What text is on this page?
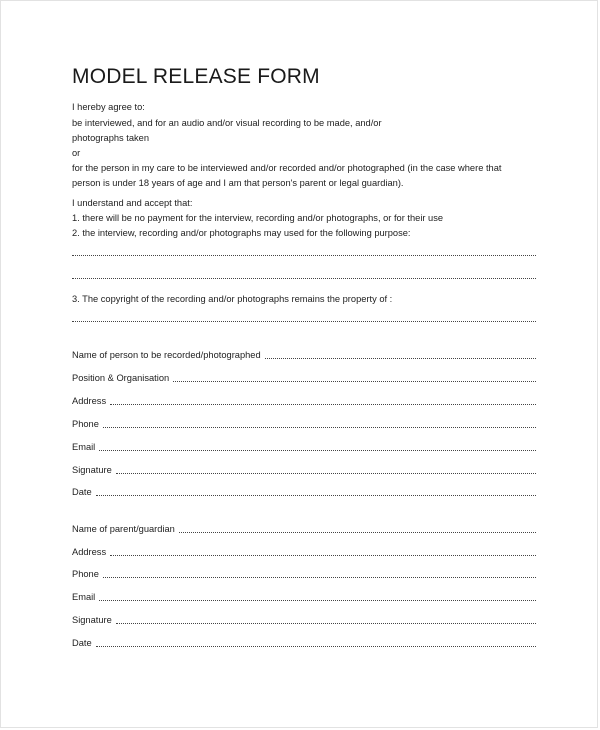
MODEL RELEASE FORM
I hereby agree to:
be interviewed, and for an audio and/or visual recording to be made, and/or
photographs taken
or
for the person in my care to be interviewed and/or recorded and/or photographed (in the case where that
person is under 18 years of age and I am that person's parent or legal guardian).
I understand and accept that:
1. there will be no payment for the interview, recording and/or photographs, or for their use
2. the interview, recording and/or photographs may used for the following purpose:
3. The copyright of the recording and/or photographs remains the property of :
Name of person to be recorded/photographed
Position & Organisation
Address
Phone
Email
Signature
Date
Name of parent/guardian
Address
Phone
Email
Signature
Date
